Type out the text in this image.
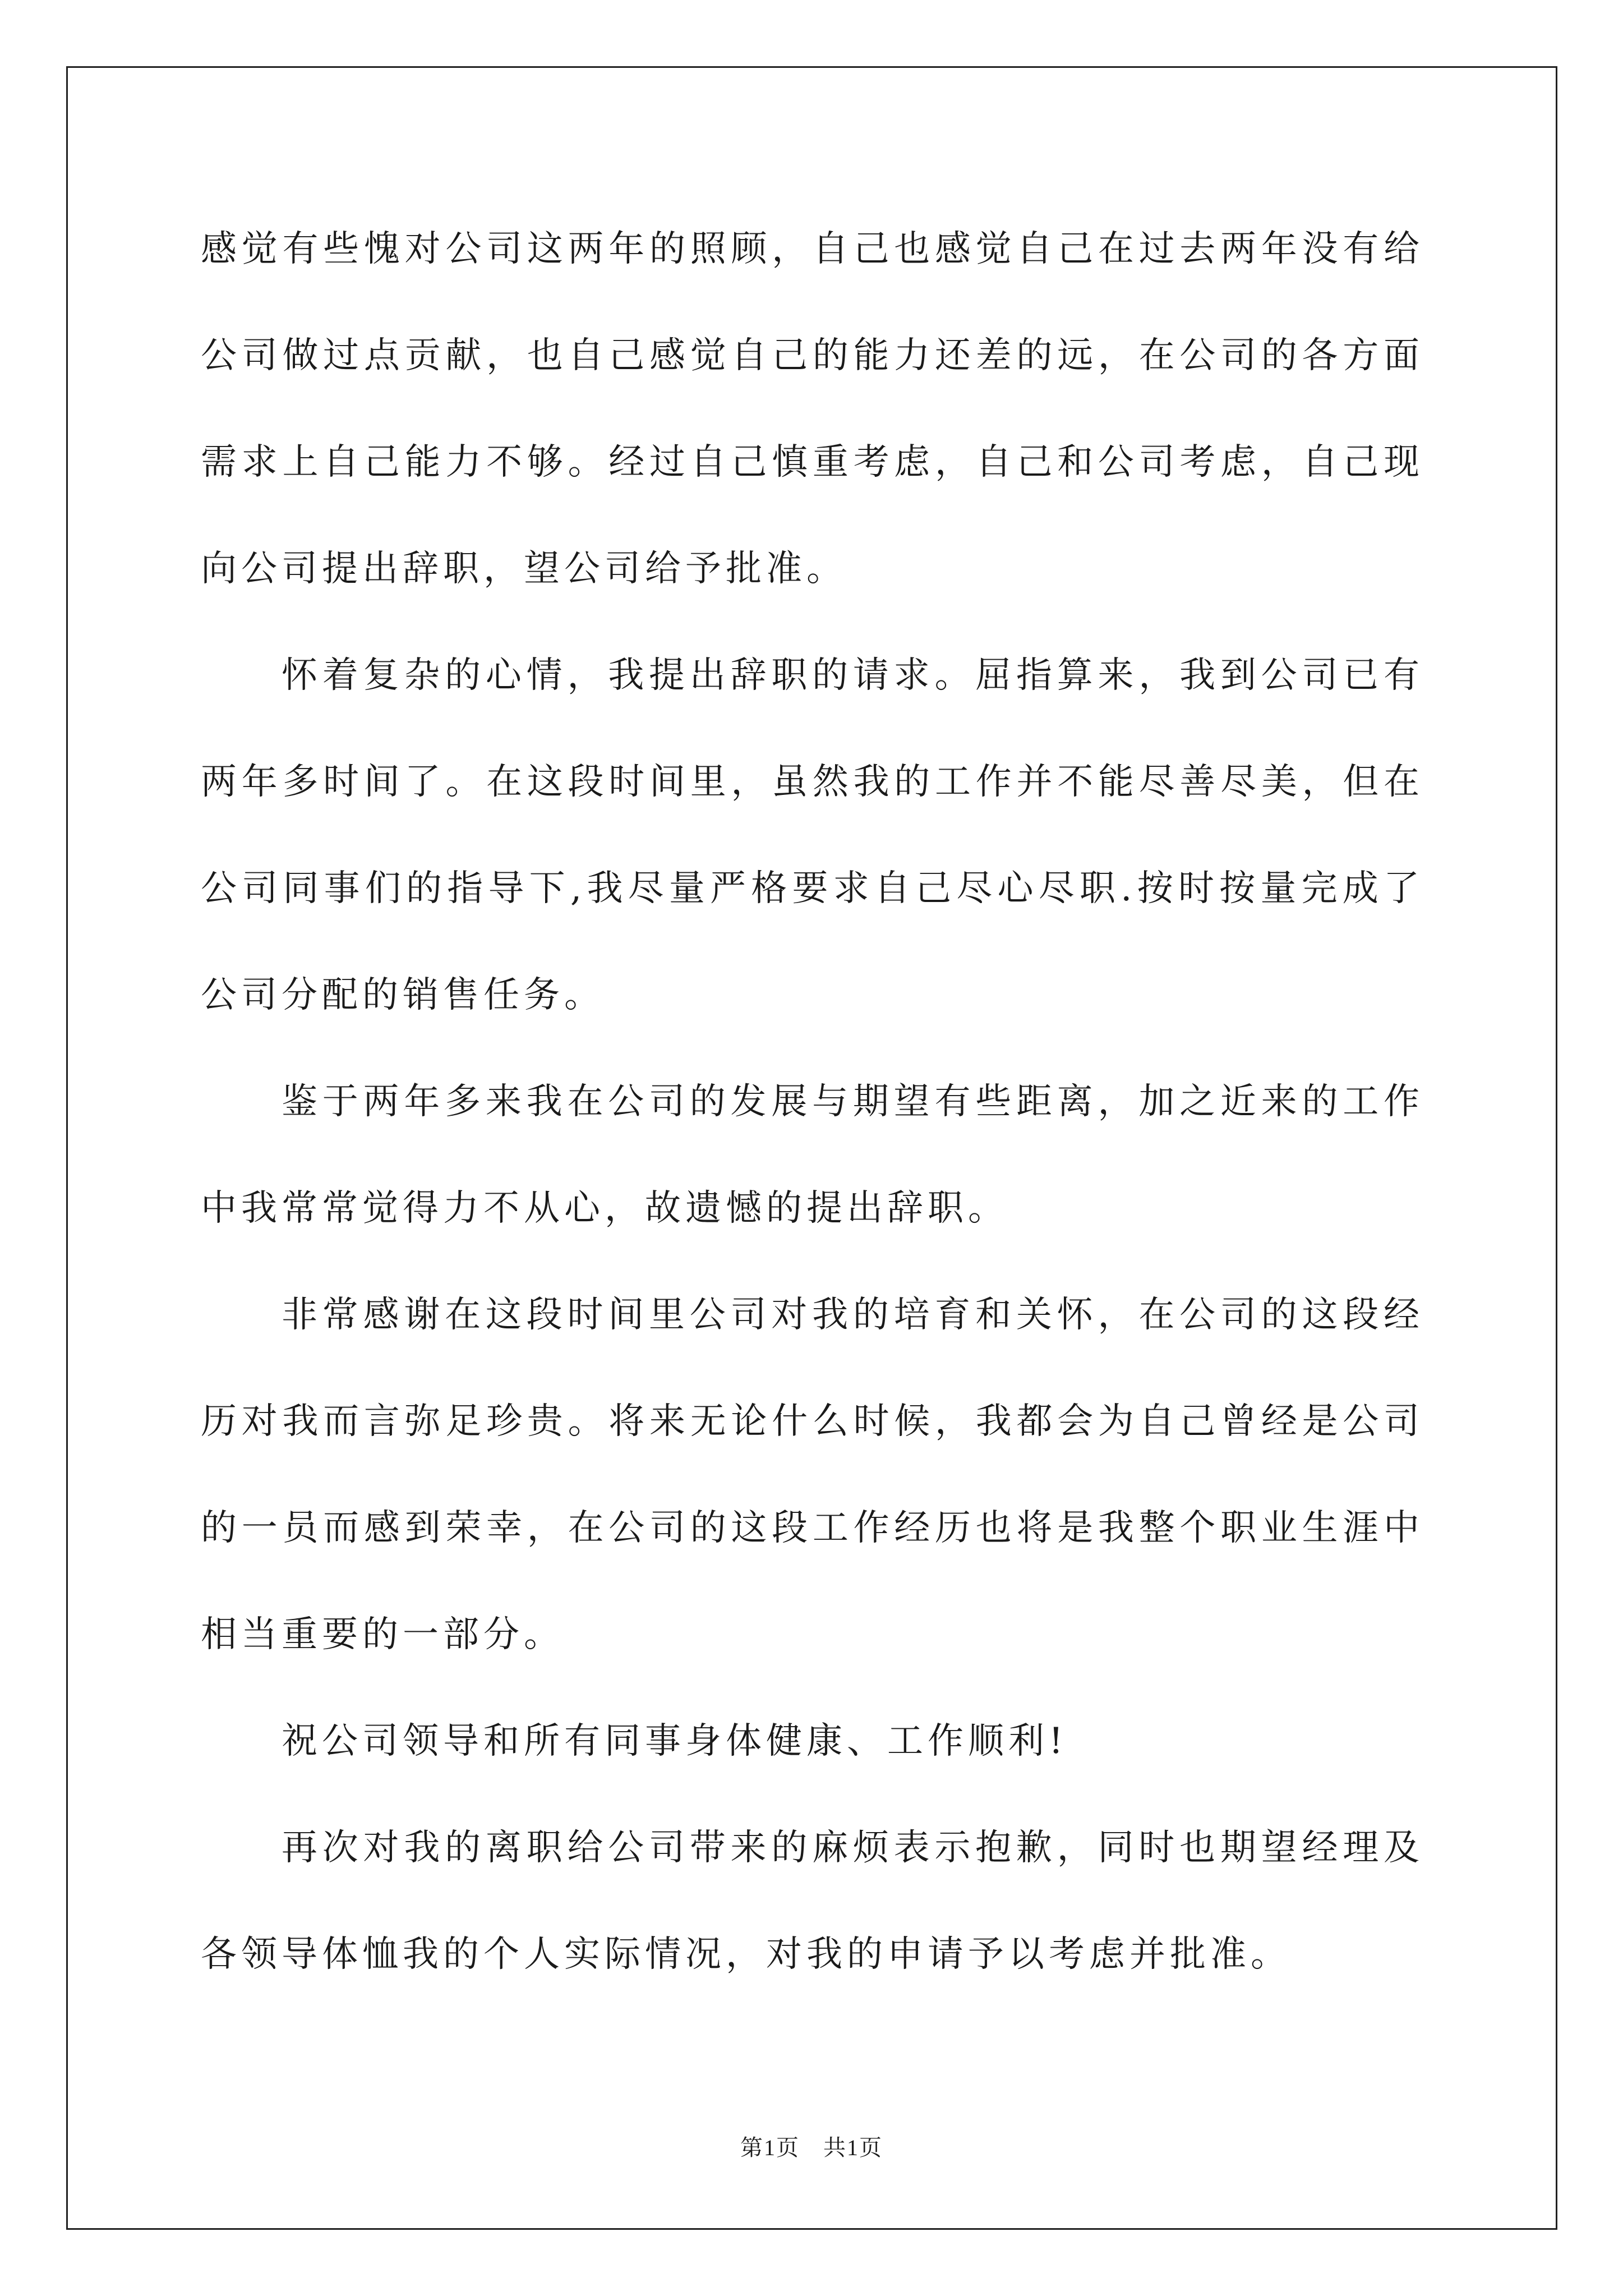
感觉有些愧对公司这两年的照顾，自己也感觉自己在过去两年没有给
公司做过点贡献，也自己感觉自己的能力还差的远，在公司的各方面
需求上自己能力不够。经过自己慎重考虑，自己和公司考虑，自己现
向公司提出辞职，望公司给予批准。
怀着复杂的心情，我提出辞职的请求。屈指算来，我到公司已有
两年多时间了。在这段时间里，虽然我的工作并不能尽善尽美，但在
公司同事们的指导下,我尽量严格要求自己尽心尽职.按时按量完成了
公司分配的销售任务。
鉴于两年多来我在公司的发展与期望有些距离，加之近来的工作
中我常常觉得力不从心，故遗憾的提出辞职。
非常感谢在这段时间里公司对我的培育和关怀，在公司的这段经
历对我而言弥足珍贵。将来无论什么时候，我都会为自己曾经是公司
的一员而感到荣幸，在公司的这段工作经历也将是我整个职业生涯中
相当重要的一部分。
祝公司领导和所有同事身体健康、工作顺利!
再次对我的离职给公司带来的麻烦表示抱歉，同时也期望经理及
各领导体恤我的个人实际情况，对我的申请予以考虑并批准。
第1页　共1页
